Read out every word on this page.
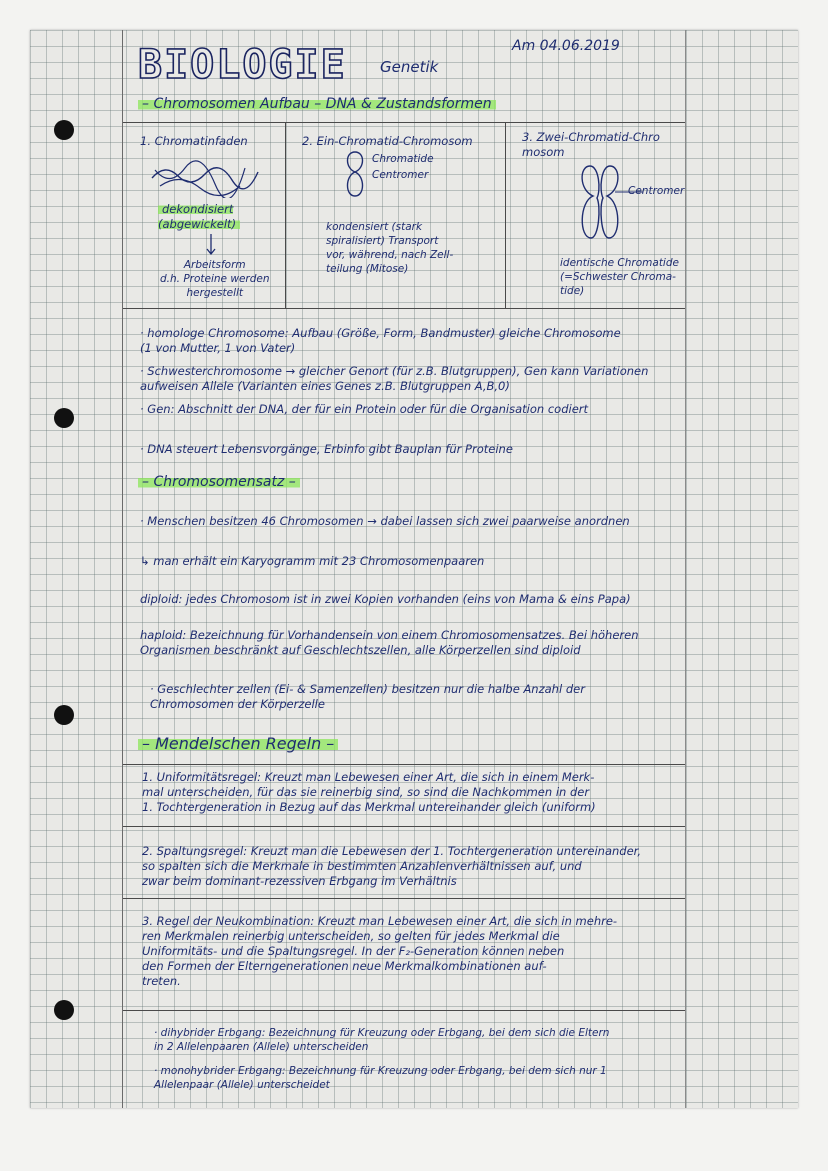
BIOLOGIE Genetik
Am 04.06.2019
– Chromosomen Aufbau – DNA & Zustandsformen
1. Chromatinfaden
dekondisiert
(abgewickelt)
Arbeitsform
d.h. Proteine werden
hergestellt
2. Ein-Chromatid-Chromosom
Chromatide
Centromer
kondensiert (stark
spiralisiert) Transport
vor, während, nach Zell-
teilung (Mitose)
3. Zwei-Chromatid-Chro
mosom
Centromer
identische Chromatide
(=Schwester Chroma-
tide)
· homologe Chromosome: Aufbau (Größe, Form, Bandmuster) gleiche Chromosome
(1 von Mutter, 1 von Vater)
· Schwesterchromosome → gleicher Genort (für z.B. Blutgruppen), Gen kann Variationen
aufweisen Allele (Varianten eines Genes z.B. Blutgruppen A,B,0)
· Gen: Abschnitt der DNA, der für ein Protein oder für die Organisation codiert
· DNA steuert Lebensvorgänge, Erbinfo gibt Bauplan für Proteine
– Chromosomensatz –
· Menschen besitzen 46 Chromosomen → dabei lassen sich zwei paarweise anordnen
↳ man erhält ein Karyogramm mit 23 Chromosomenpaaren
diploid: jedes Chromosom ist in zwei Kopien vorhanden (eins von Mama & eins Papa)
haploid: Bezeichnung für Vorhandensein von einem Chromosomensatzes. Bei höheren
Organismen beschränkt auf Geschlechtszellen, alle Körperzellen sind diploid
· Geschlechter zellen (Ei- & Samenzellen) besitzen nur die halbe Anzahl der
Chromosomen der Körperzelle
– Mendelschen Regeln –
1. Uniformitätsregel: Kreuzt man Lebewesen einer Art, die sich in einem Merk-
mal unterscheiden, für das sie reinerbig sind, so sind die Nachkommen in der
1. Tochtergeneration in Bezug auf das Merkmal untereinander gleich (uniform)
2. Spaltungsregel: Kreuzt man die Lebewesen der 1. Tochtergeneration untereinander,
so spalten sich die Merkmale in bestimmten Anzahlenverhältnissen auf, und
zwar beim dominant-rezessiven Erbgang im Verhältnis
3. Regel der Neukombination: Kreuzt man Lebewesen einer Art, die sich in mehre-
ren Merkmalen reinerbig unterscheiden, so gelten für jedes Merkmal die
Uniformitäts- und die Spaltungsregel. In der F₂-Generation können neben
den Formen der Elterngenerationen neue Merkmalkombinationen auf-
treten.
· dihybrider Erbgang: Bezeichnung für Kreuzung oder Erbgang, bei dem sich die Eltern
in 2 Allelenpaaren (Allele) unterscheiden
· monohybrider Erbgang: Bezeichnung für Kreuzung oder Erbgang, bei dem sich nur 1
Allelenpaar (Allele) unterscheidet
